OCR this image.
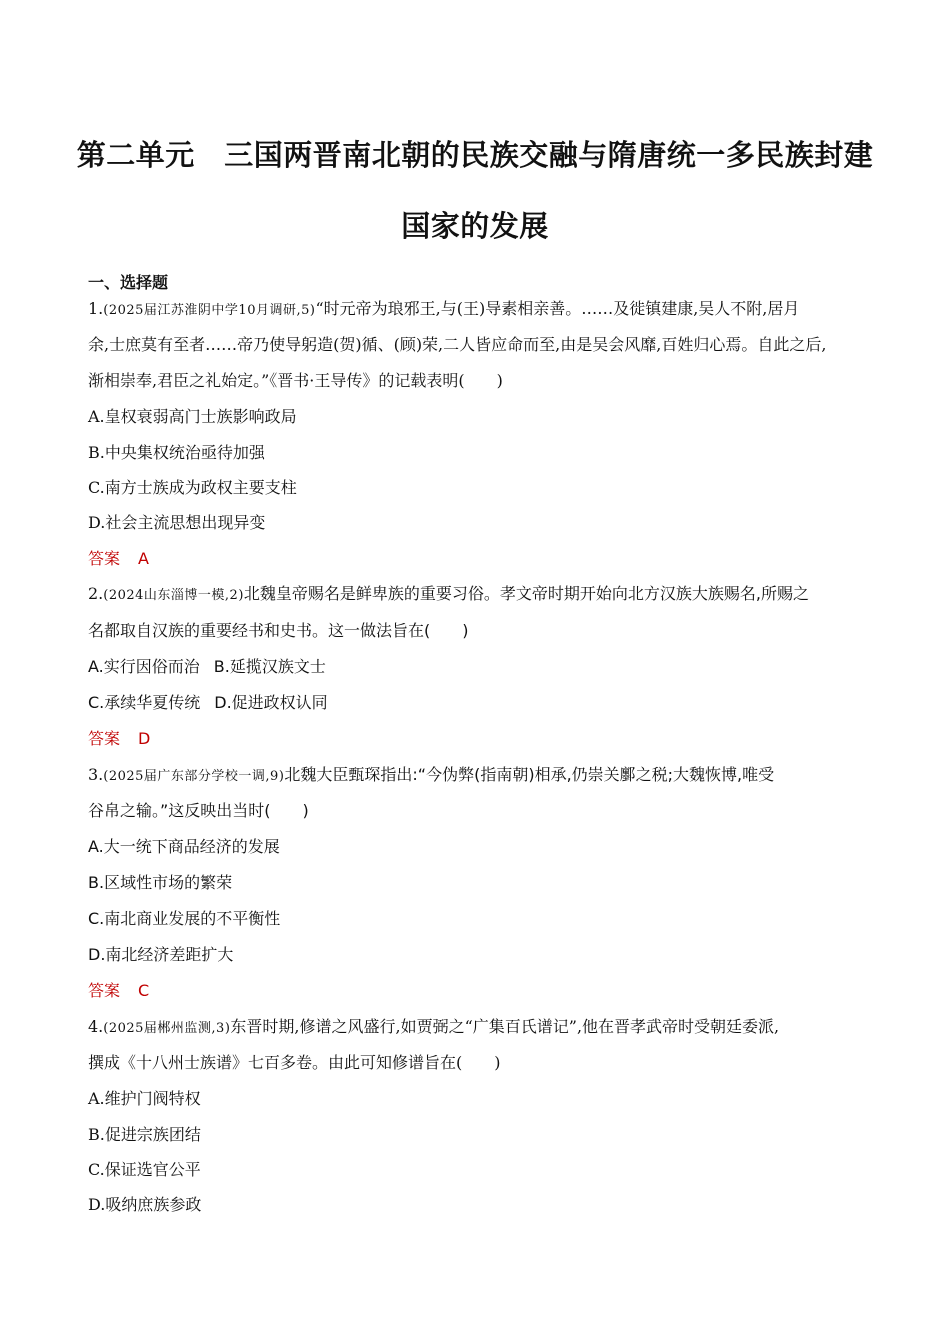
第二单元　三国两晋南北朝的民族交融与隋唐统一多民族封建
国家的发展
一、选择题
1.(2025届江苏淮阴中学10月调研,5)“时元帝为琅邪王,与(王)导素相亲善。……及徙镇建康,吴人不附,居月
余,士庶莫有至者……帝乃使导躬造(贺)循、(顾)荣,二人皆应命而至,由是吴会风靡,百姓归心焉。自此之后,
渐相崇奉,君臣之礼始定。”《晋书·王导传》的记载表明(　　)
A.皇权衰弱高门士族影响政局
B.中央集权统治亟待加强
C.南方士族成为政权主要支柱
D.社会主流思想出现异变
答案 A
2.(2024山东淄博一模,2)北魏皇帝赐名是鲜卑族的重要习俗。孝文帝时期开始向北方汉族大族赐名,所赐之
名都取自汉族的重要经书和史书。这一做法旨在(　　)
A.实行因俗而治 B.延揽汉族文士
C.承续华夏传统 D.促进政权认同
答案 D
3.(2025届广东部分学校一调,9)北魏大臣甄琛指出:“今伪弊(指南朝)相承,仍崇关鄽之税;大魏恢博,唯受
谷帛之输。”这反映出当时(　　)
A.大一统下商品经济的发展
B.区域性市场的繁荣
C.南北商业发展的不平衡性
D.南北经济差距扩大
答案 C
4.(2025届郴州监测,3)东晋时期,修谱之风盛行,如贾弼之“广集百氏谱记”,他在晋孝武帝时受朝廷委派,
撰成《十八州士族谱》七百多卷。由此可知修谱旨在(　　)
A.维护门阀特权
B.促进宗族团结
C.保证选官公平
D.吸纳庶族参政
